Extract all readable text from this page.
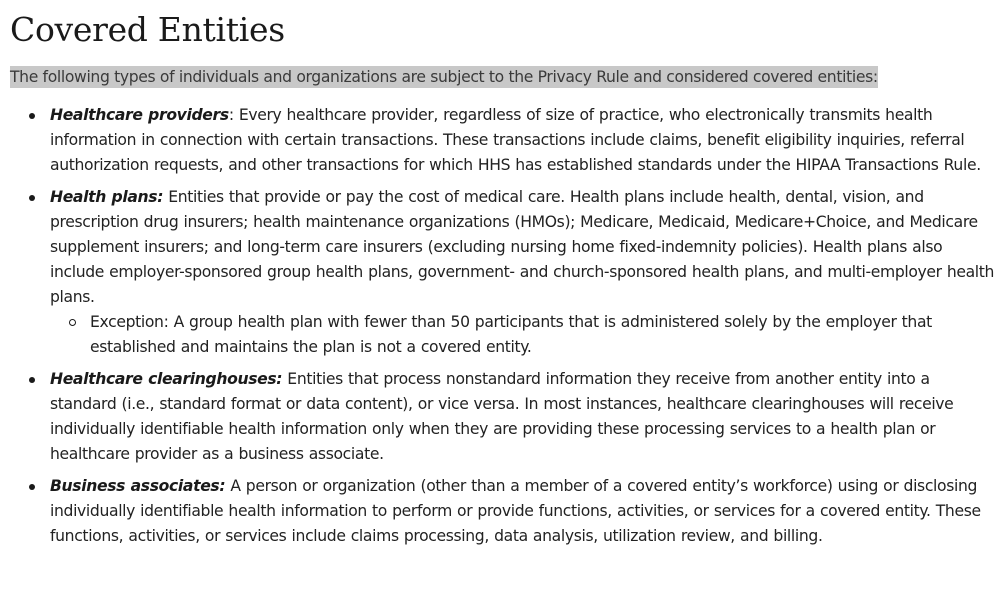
Covered Entities

The following types of individuals and organizations are subject to the Privacy Rule and considered covered entities:

Healthcare providers: Every healthcare provider, regardless of size of practice, who electronically transmits health information in connection with certain transactions. These transactions include claims, benefit eligibility inquiries, referral authorization requests, and other transactions for which HHS has established standards under the HIPAA Transactions Rule.
Health plans: Entities that provide or pay the cost of medical care. Health plans include health, dental, vision, and prescription drug insurers; health maintenance organizations (HMOs); Medicare, Medicaid, Medicare+Choice, and Medicare supplement insurers; and long-term care insurers (excluding nursing home fixed-indemnity policies). Health plans also include employer-sponsored group health plans, government- and church-sponsored health plans, and multi-employer health plans.
Exception: A group health plan with fewer than 50 participants that is administered solely by the employer that established and maintains the plan is not a covered entity.
Healthcare clearinghouses: Entities that process nonstandard information they receive from another entity into a standard (i.e., standard format or data content), or vice versa. In most instances, healthcare clearinghouses will receive individually identifiable health information only when they are providing these processing services to a health plan or healthcare provider as a business associate.
Business associates: A person or organization (other than a member of a covered entity’s workforce) using or disclosing individually identifiable health information to perform or provide functions, activities, or services for a covered entity. These functions, activities, or services include claims processing, data analysis, utilization review, and billing.
